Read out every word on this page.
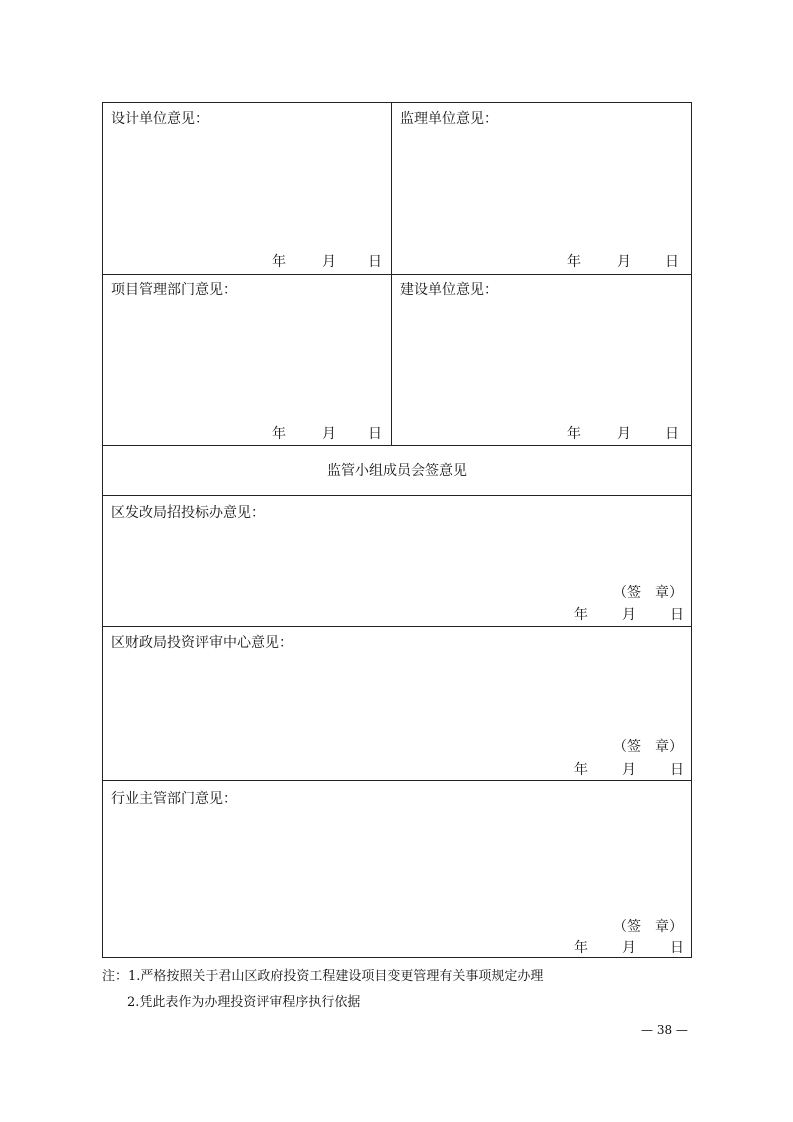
设计单位意见：	监理单位意见：
年	月 日	年	月 日
项目管理部门意见：	建设单位意见：
年	月 日	年	月 日
监管小组成员会签意见
区发改局招投标办意见：
（签 章）
年 月 日
区财政局投资评审中心意见：
（签 章）
年 月 日
行业主管部门意见：
（签 章）
年 月 日
注：1.严格按照关于君山区政府投资工程建设项目变更管理有关事项规定办理
2.凭此表作为办理投资评审程序执行依据
— 38 —
